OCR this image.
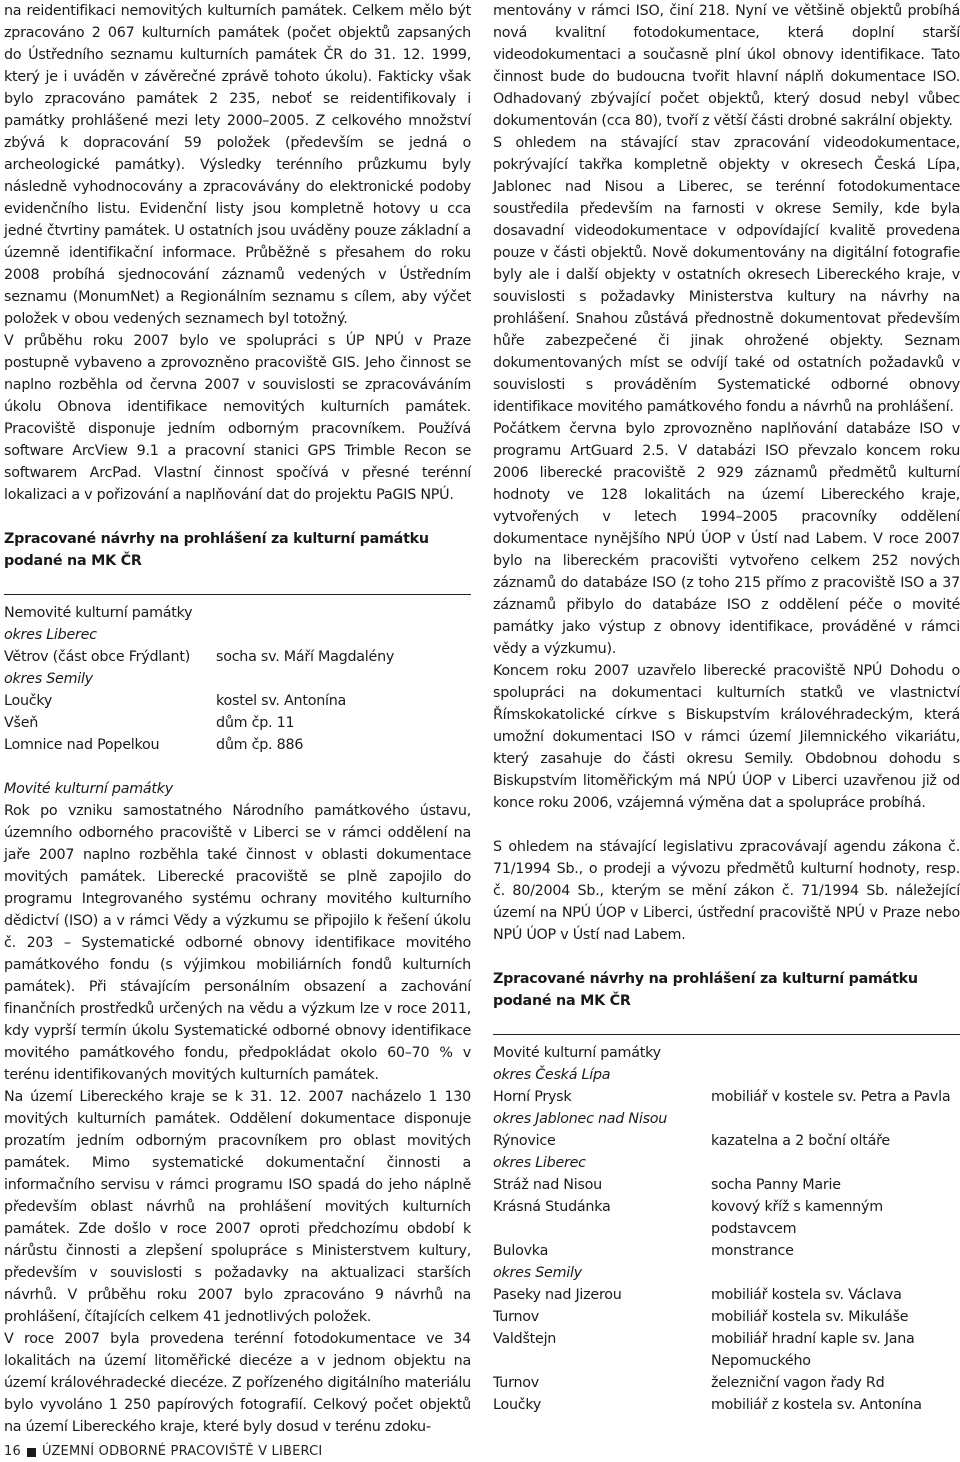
na reidentifikaci nemovitých kulturních památek. Celkem mělo být zpracováno 2 067 kulturních památek (počet objektů zapsaných do Ústředního seznamu kulturních památek ČR do 31. 12. 1999, který je i uváděn v závěrečné zprávě tohoto úkolu). Fakticky však bylo zpracováno památek 2 235, neboť se reidentifikovaly i památky prohlášené mezi lety 2000–2005. Z celkového množství zbývá k dopracování 59 položek (především se jedná o archeologické památky). Výsledky terénního průzkumu byly následně vyhodnocovány a zpracovávány do elektronické podoby evidenčního listu. Evidenční listy jsou kompletně hotovy u cca jedné čtvrtiny památek. U ostatních jsou uváděny pouze základní a územně identifikační informace. Průběžně s přesahem do roku 2008 probíhá sjednocování záznamů vedených v Ústředním seznamu (MonumNet) a Regionálním seznamu s cílem, aby výčet položek v obou vedených seznamech byl totožný.

V průběhu roku 2007 bylo ve spolupráci s ÚP NPÚ v Praze postupně vybaveno a zprovozněno pracoviště GIS. Jeho činnost se naplno rozběhla od června 2007 v souvislosti se zpracováváním úkolu Obnova identifikace nemovitých kulturních památek. Pracoviště disponuje jedním odborným pracovníkem. Používá software ArcView 9.1 a pracovní stanici GPS Trimble Recon se softwarem ArcPad. Vlastní činnost spočívá v přesné terénní lokalizaci a v pořizování a naplňování dat do projektu PaGIS NPÚ.

Zpracované návrhy na prohlášení za kulturní památku podané na MK ČR

Nemovité kulturní památky
okres Liberec
Větrov (část obce Frýdlant)	socha sv. Máří Magdalény
okres Semily
Loučky	kostel sv. Antonína
Všeň	dům čp. 11
Lomnice nad Popelkou	dům čp. 886
Movité kulturní památky

Rok po vzniku samostatného Národního památkového ústavu, územního odborného pracoviště v Liberci se v rámci oddělení na jaře 2007 naplno rozběhla také činnost v oblasti dokumentace movitých památek. Liberecké pracoviště se plně zapojilo do programu Integrovaného systému ochrany movitého kulturního dědictví (ISO) a v rámci Vědy a výzkumu se připojilo k řešení úkolu č. 203 – Systematické odborné obnovy identifikace movitého památkového fondu (s výjimkou mobiliárních fondů kulturních památek). Při stávajícím personálním obsazení a zachování finančních prostředků určených na vědu a výzkum lze v roce 2011, kdy vyprší termín úkolu Systematické odborné obnovy identifikace movitého památkového fondu, předpokládat okolo 60–70 % v terénu identifikovaných movitých kulturních památek.

Na území Libereckého kraje se k 31. 12. 2007 nacházelo 1 130 movitých kulturních památek. Oddělení dokumentace disponuje prozatím jedním odborným pracovníkem pro oblast movitých památek. Mimo systematické dokumentační činnosti a informačního servisu v rámci programu ISO spadá do jeho náplně především oblast návrhů na prohlášení movitých kulturních památek. Zde došlo v roce 2007 oproti předchozímu období k nárůstu činnosti a zlepšení spolupráce s Ministerstvem kultury, především v souvislosti s požadavky na aktualizaci starších návrhů. V průběhu roku 2007 bylo zpracováno 9 návrhů na prohlášení, čítajících celkem 41 jednotlivých položek.

V roce 2007 byla provedena terénní fotodokumentace ve 34 lokalitách na území litoměřické diecéze a v jednom objektu na území královéhradecké diecéze. Z pořízeného digitálního materiálu bylo vyvoláno 1 250 papírových fotografií. Celkový počet objektů na území Libereckého kraje, které byly dosud v terénu zdoku-

mentovány v rámci ISO, činí 218. Nyní ve většině objektů probíhá nová kvalitní fotodokumentace, která doplní starší videodokumentaci a současně plní úkol obnovy identifikace. Tato činnost bude do budoucna tvořit hlavní náplň dokumentace ISO. Odhadovaný zbývající počet objektů, který dosud nebyl vůbec dokumentován (cca 80), tvoří z větší části drobné sakrální objekty.

S ohledem na stávající stav zpracování videodokumentace, pokrývající takřka kompletně objekty v okresech Česká Lípa, Jablonec nad Nisou a Liberec, se terénní fotodokumentace soustředila především na farnosti v okrese Semily, kde byla dosavadní videodokumentace v odpovídající kvalitě provedena pouze v části objektů. Nově dokumentovány na digitální fotografie byly ale i další objekty v ostatních okresech Libereckého kraje, v souvislosti s požadavky Ministerstva kultury na návrhy na prohlášení. Snahou zůstává přednostně dokumentovat především hůře zabezpečené či jinak ohrožené objekty. Seznam dokumentovaných míst se odvíjí také od ostatních požadavků v souvislosti s prováděním Systematické odborné obnovy identifikace movitého památkového fondu a návrhů na prohlášení.

Počátkem června bylo zprovozněno naplňování databáze ISO v programu ArtGuard 2.5. V databázi ISO převzalo koncem roku 2006 liberecké pracoviště 2 929 záznamů předmětů kulturní hodnoty ve 128 lokalitách na území Libereckého kraje, vytvořených v letech 1994–2005 pracovníky oddělení dokumentace nynějšího NPÚ ÚOP v Ústí nad Labem. V roce 2007 bylo na libereckém pracovišti vytvořeno celkem 252 nových záznamů do databáze ISO (z toho 215 přímo z pracoviště ISO a 37 záznamů přibylo do databáze ISO z oddělení péče o movité památky jako výstup z obnovy identifikace, prováděné v rámci vědy a výzkumu).

Koncem roku 2007 uzavřelo liberecké pracoviště NPÚ Dohodu o spolupráci na dokumentaci kulturních statků ve vlastnictví Římskokatolické církve s Biskupstvím královéhradeckým, která umožní dokumentaci ISO v rámci území Jilemnického vikariátu, který zasahuje do části okresu Semily. Obdobnou dohodu s Biskupstvím litoměřickým má NPÚ ÚOP v Liberci uzavřenou již od konce roku 2006, vzájemná výměna dat a spolupráce probíhá.

S ohledem na stávající legislativu zpracovávají agendu zákona č. 71/1994 Sb., o prodeji a vývozu předmětů kulturní hodnoty, resp. č. 80/2004 Sb., kterým se mění zákon č. 71/1994 Sb. náležející území na NPÚ ÚOP v Liberci, ústřední pracoviště NPÚ v Praze nebo NPÚ ÚOP v Ústí nad Labem.

Zpracované návrhy na prohlášení za kulturní památku podané na MK ČR

Movité kulturní památky
okres Česká Lípa
Horní Prysk	mobiliář v kostele sv. Petra a Pavla
okres Jablonec nad Nisou
Rýnovice	kazatelna a 2 boční oltáře
okres Liberec
Stráž nad Nisou	socha Panny Marie
Krásná Studánka	kovový kříž s kamenným podstavcem
Bulovka	monstrance
okres Semily
Paseky nad Jizerou	mobiliář kostela sv. Václava
Turnov	mobiliář kostela sv. Mikuláše
Valdštejn	mobiliář hradní kaple sv. Jana Nepomuckého
Turnov	železniční vagon řady Rd
Loučky	mobiliář z kostela sv. Antonína
16 ÚZEMNÍ ODBORNÉ PRACOVIŠTĚ V LIBERCI
